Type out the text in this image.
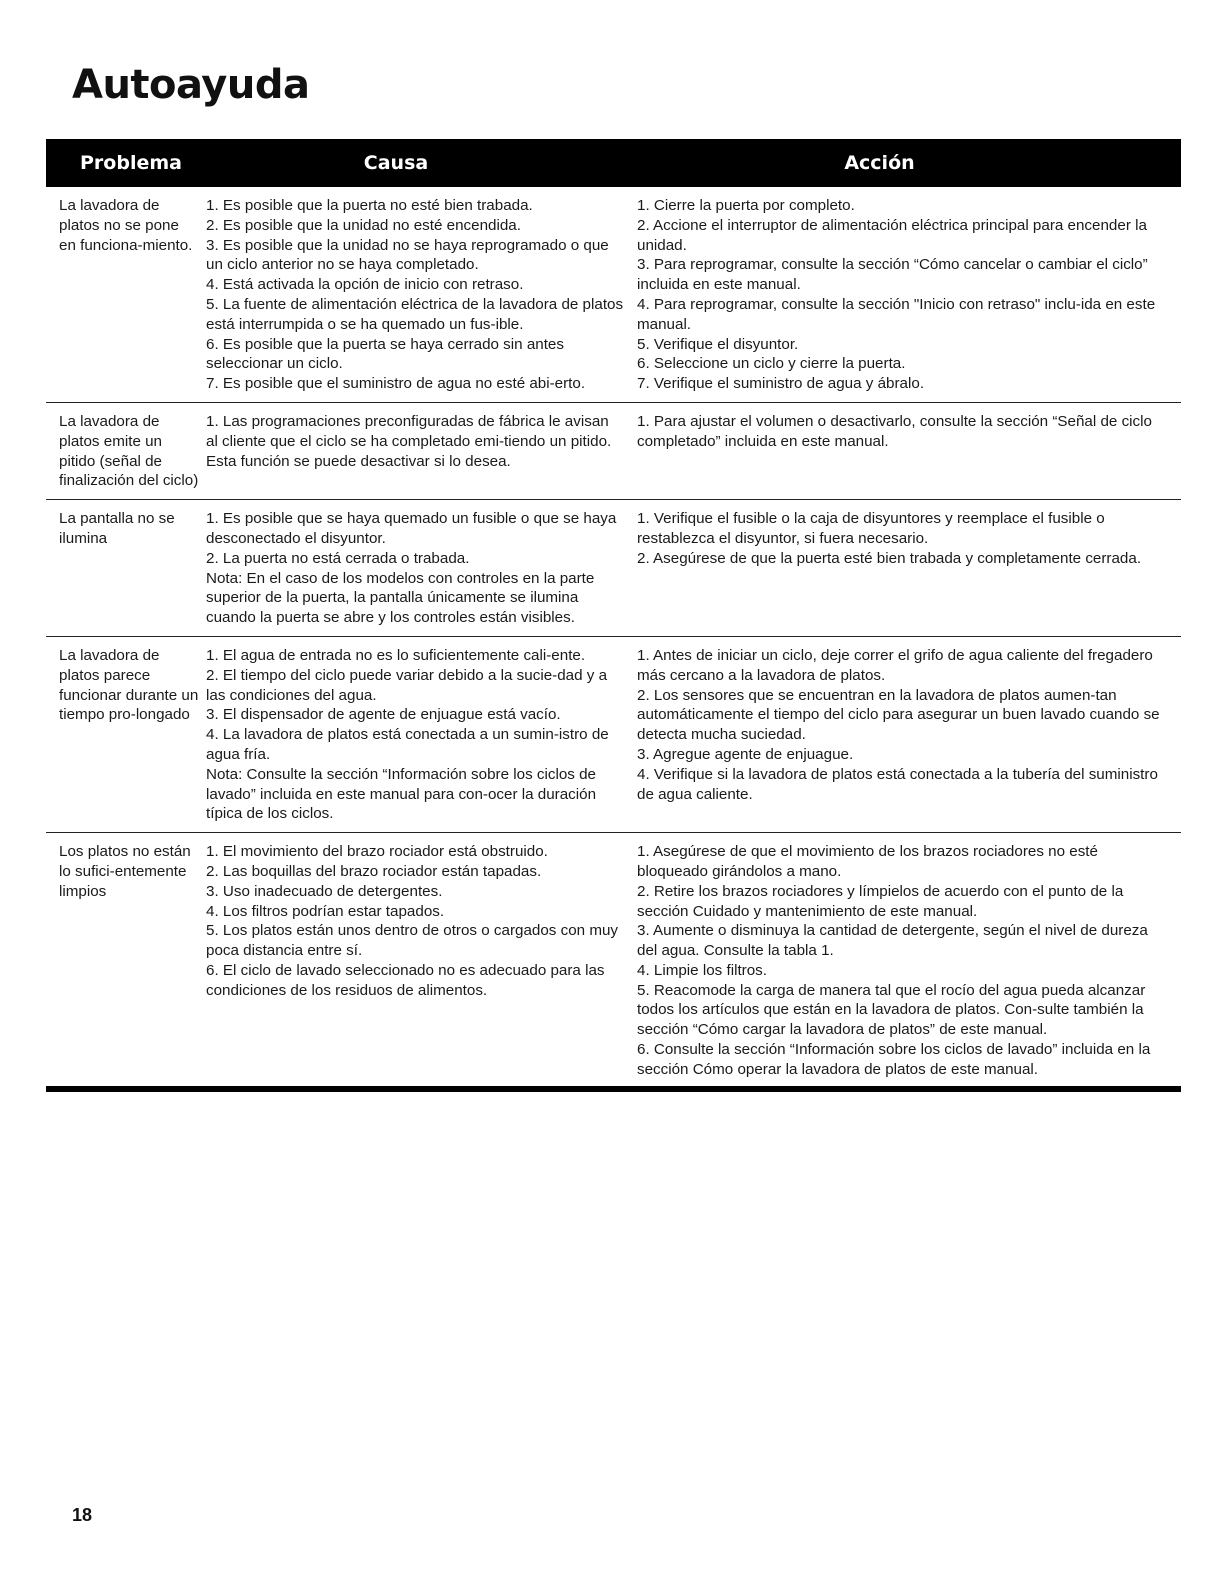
Autoayuda
Problema	Causa	Acción
La lavadora de platos no se pone en funciona-miento.
1. Es posible que la puerta no esté bien trabada.
2. Es posible que la unidad no esté encendida.
3. Es posible que la unidad no se haya reprogramado o que un ciclo anterior no se haya completado.
4. Está activada la opción de inicio con retraso.
5. La fuente de alimentación eléctrica de la lavadora de platos está interrumpida o se ha quemado un fus-ible.
6. Es posible que la puerta se haya cerrado sin antes seleccionar un ciclo.
7. Es posible que el suministro de agua no esté abi-erto.
1. Cierre la puerta por completo.
2. Accione el interruptor de alimentación eléctrica principal para encender la unidad.
3. Para reprogramar, consulte la sección “Cómo cancelar o cambiar el ciclo” incluida en este manual.
4. Para reprogramar, consulte la sección "Inicio con retraso" inclu-ida en este manual.
5. Verifique el disyuntor.
6. Seleccione un ciclo y cierre la puerta.
7. Verifique el suministro de agua y ábralo.
La lavadora de platos emite un pitido (señal de finalización del ciclo)
1. Las programaciones preconfiguradas de fábrica le avisan al cliente que el ciclo se ha completado emi-tiendo un pitido. Esta función se puede desactivar si lo desea.
1. Para ajustar el volumen o desactivarlo, consulte la sección “Señal de ciclo completado” incluida en este manual.
La pantalla no se ilumina
1. Es posible que se haya quemado un fusible o que se haya desconectado el disyuntor.
2. La puerta no está cerrada o trabada.
Nota: En el caso de los modelos con controles en la parte superior de la puerta, la pantalla únicamente se ilumina cuando la puerta se abre y los controles están visibles.
1. Verifique el fusible o la caja de disyuntores y reemplace el fusible o restablezca el disyuntor, si fuera necesario.
2. Asegúrese de que la puerta esté bien trabada y completamente cerrada.
La lavadora de platos parece funcionar durante un tiempo pro-longado
1. El agua de entrada no es lo suficientemente cali-ente.
2. El tiempo del ciclo puede variar debido a la sucie-dad y a las condiciones del agua.
3. El dispensador de agente de enjuague está vacío.
4. La lavadora de platos está conectada a un sumin-istro de agua fría.
Nota: Consulte la sección “Información sobre los ciclos de lavado” incluida en este manual para con-ocer la duración típica de los ciclos.
1. Antes de iniciar un ciclo, deje correr el grifo de agua caliente del fregadero más cercano a la lavadora de platos.
2. Los sensores que se encuentran en la lavadora de platos aumen-tan automáticamente el tiempo del ciclo para asegurar un buen lavado cuando se detecta mucha suciedad.
3. Agregue agente de enjuague.
4. Verifique si la lavadora de platos está conectada a la tubería del suministro de agua caliente.
Los platos no están lo sufici-entemente limpios
1. El movimiento del brazo rociador está obstruido.
2. Las boquillas del brazo rociador están tapadas.
3. Uso inadecuado de detergentes.
4. Los filtros podrían estar tapados.
5. Los platos están unos dentro de otros o cargados con muy poca distancia entre sí.
6. El ciclo de lavado seleccionado no es adecuado para las condiciones de los residuos de alimentos.
1. Asegúrese de que el movimiento de los brazos rociadores no esté bloqueado girándolos a mano.
2. Retire los brazos rociadores y límpielos de acuerdo con el punto de la sección Cuidado y mantenimiento de este manual.
3. Aumente o disminuya la cantidad de detergente, según el nivel de dureza del agua. Consulte la tabla 1.
4. Limpie los filtros.
5. Reacomode la carga de manera tal que el rocío del agua pueda alcanzar todos los artículos que están en la lavadora de platos. Con-sulte también la sección “Cómo cargar la lavadora de platos” de este manual.
6. Consulte la sección “Información sobre los ciclos de lavado” incluida en la sección Cómo operar la lavadora de platos de este manual.
18
